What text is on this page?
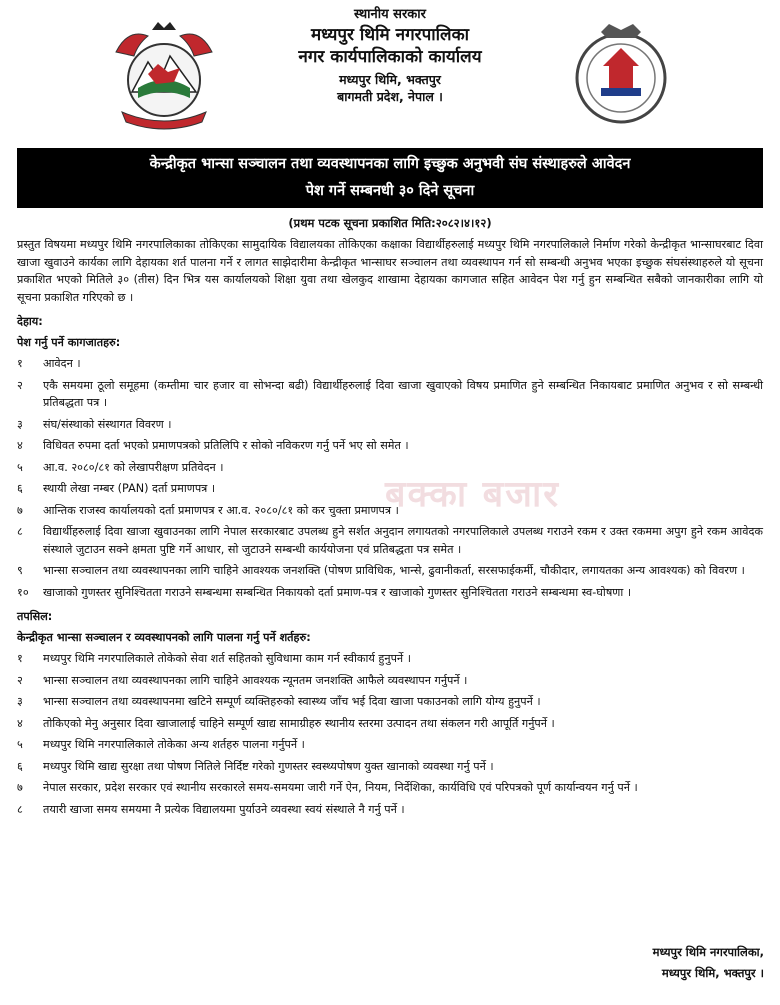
स्थानीय सरकार
मध्यपुर थिमि नगरपालिका
नगर कार्यपालिकाको कार्यालय
मध्यपुर थिमि, भक्तपुर
बागमती प्रदेश, नेपाल ।
केन्द्रीकृत भान्सा सञ्चालन तथा व्यवस्थापनका लागि इच्छुक अनुभवी संघ संस्थाहरुले आवेदन
पेश गर्ने सम्बनधी ३० दिने सूचना
(प्रथम पटक सूचना प्रकाशित मिति:२०८२।४।१२)
बक्का बजार
प्रस्तुत विषयमा मध्यपुर थिमि नगरपालिकाका तोकिएका सामुदायिक विद्यालयका तोकिएका कक्षाका विद्यार्थीहरुलाई मध्यपुर थिमि नगरपालिकाले निर्माण गरेको केन्द्रीकृत भान्साघरबाट दिवा खाजा खुवाउने कार्यका लागि देहायका शर्त पालना गर्ने र लागत साझेदारीमा केन्द्रीकृत भान्साघर सञ्चालन तथा व्यवस्थापन गर्न सो सम्बन्धी अनुभव भएका इच्छुक संघसंस्थाहरुले यो सूचना प्रकाशित भएको मितिले ३० (तीस) दिन भित्र यस कार्यालयको शिक्षा युवा तथा खेलकुद शाखामा देहायका कागजात सहित आवेदन पेश गर्नु हुन सम्बन्धित सबैको जानकारीका लागि यो सूचना प्रकाशित गरिएको छ ।
देहाय:
पेश गर्नु पर्ने कागजातहरु:
१	आवेदन ।
२	एकै समयमा ठूलो समूहमा (कम्तीमा चार हजार वा सोभन्दा बढी) विद्यार्थीहरुलाई दिवा खाजा खुवाएको विषय प्रमाणित हुने सम्बन्धित निकायबाट प्रमाणित अनुभव र सो सम्बन्धी प्रतिबद्धता पत्र ।
३	संघ/संस्थाको संस्थागत विवरण ।
४	विधिवत रुपमा दर्ता भएको प्रमाणपत्रको प्रतिलिपि र सोको नविकरण गर्नु पर्ने भए सो समेत ।
५	आ.व. २०८०/८१ को लेखापरीक्षण प्रतिवेदन ।
६	स्थायी लेखा नम्बर (PAN) दर्ता प्रमाणपत्र ।
७	आन्तिक राजस्व कार्यालयको दर्ता प्रमाणपत्र र आ.व. २०८०/८१ को कर चुक्ता प्रमाणपत्र ।
८	विद्यार्थीहरुलाई दिवा खाजा खुवाउनका लागि नेपाल सरकारबाट उपलब्ध हुने सर्शत अनुदान लगायतको नगरपालिकाले उपलब्ध गराउने रकम र उक्त रकममा अपुग हुने रकम आवेदक संस्थाले जुटाउन सक्ने क्षमता पुष्टि गर्ने आधार, सो जुटाउने सम्बन्धी कार्ययोजना एवं प्रतिबद्धता पत्र समेत ।
९	भान्सा सञ्चालन तथा व्यवस्थापनका लागि चाहिने आवश्यक जनशक्ति (पोषण प्राविधिक, भान्से, ढुवानीकर्ता, सरसफाईकर्मी, चौकीदार, लगायतका अन्य आवश्यक) को विवरण ।
१०	खाजाको गुणस्तर सुनिश्चितता गराउने सम्बन्धमा सम्बन्धित निकायको दर्ता प्रमाण-पत्र र खाजाको गुणस्तर सुनिश्चितता गराउने सम्बन्धमा स्व-घोषणा ।
तपसिल:
केन्द्रीकृत भान्सा सञ्चालन र व्यवस्थापनको लागि पालना गर्नु पर्ने शर्तहरु:
१	मध्यपुर थिमि नगरपालिकाले तोकेको सेवा शर्त सहितको सुविधामा काम गर्न स्वीकार्य हुनुपर्ने ।
२	भान्सा सञ्चालन तथा व्यवस्थापनका लागि चाहिने आवश्यक न्यूनतम जनशक्ति आफैले व्यवस्थापन गर्नुपर्ने ।
३	भान्सा सञ्चालन तथा व्यवस्थापनमा खटिने सम्पूर्ण व्यक्तिहरुको स्वास्थ्य जाँच भई दिवा खाजा पकाउनको लागि योग्य हुनुपर्ने ।
४	तोकिएको मेनु अनुसार दिवा खाजालाई चाहिने सम्पूर्ण खाद्य सामाग्रीहरु स्थानीय स्तरमा उत्पादन तथा संकलन गरी आपूर्ति गर्नुपर्ने ।
५	मध्यपुर थिमि नगरपालिकाले तोकेका अन्य शर्तहरु पालना गर्नुपर्ने ।
६	मध्यपुर थिमि खाद्य सुरक्षा तथा पोषण नितिले निर्दिष्ट गरेको गुणस्तर स्वस्थ्यपोषण युक्त खानाको व्यवस्था गर्नु पर्ने ।
७	नेपाल सरकार, प्रदेश सरकार एवं स्थानीय सरकारले समय-समयमा जारी गर्ने ऐन, नियम, निर्देशिका, कार्यविधि एवं परिपत्रको पूर्ण कार्यान्वयन गर्नु पर्ने ।
८	तयारी खाजा समय समयमा नै प्रत्येक विद्यालयमा पुर्याउने व्यवस्था स्वयं संस्थाले नै गर्नु पर्ने ।
मध्यपुर थिमि नगरपालिका,
मध्यपुर थिमि, भक्तपुर ।
